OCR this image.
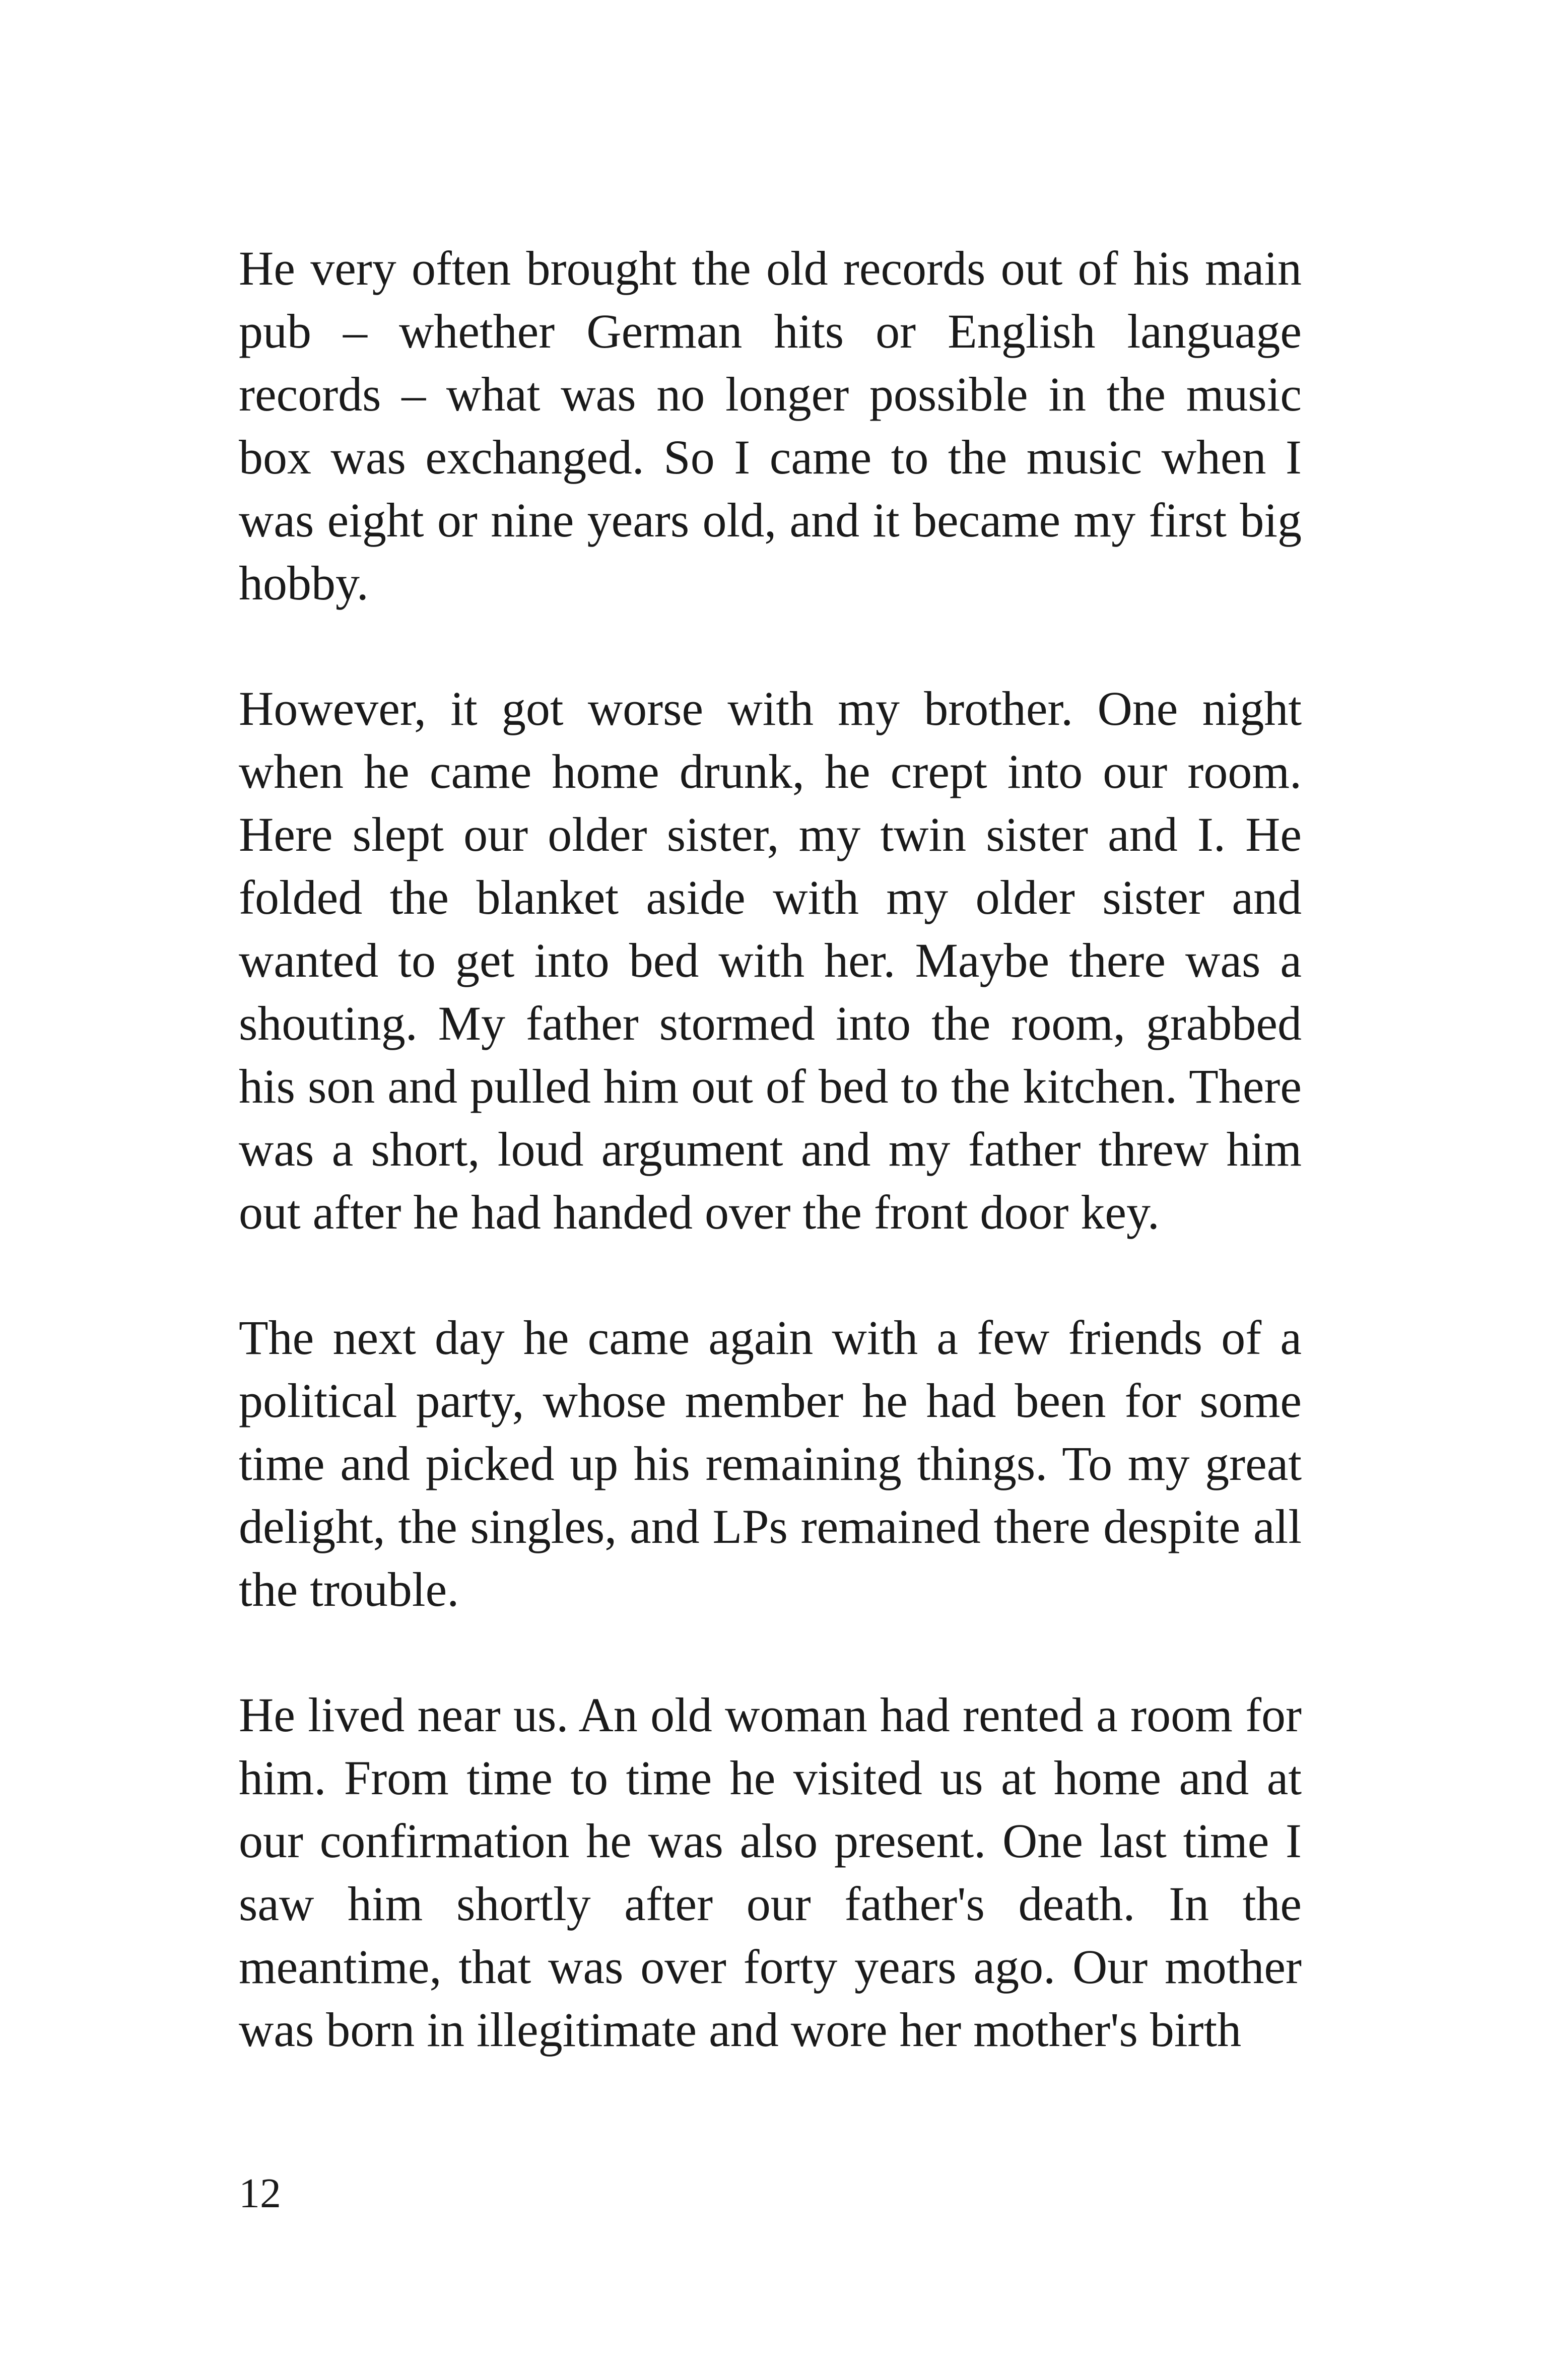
He very often brought the old records out of his main pub – whether German hits or English language records – what was no longer possible in the music box was exchanged. So I came to the music when I was eight or nine years old, and it became my first big hobby.

However, it got worse with my brother. One night when he came home drunk, he crept into our room. Here slept our older sister, my twin sister and I. He folded the blanket aside with my older sister and wanted to get into bed with her. Maybe there was a shouting. My father stormed into the room, grabbed his son and pulled him out of bed to the kitchen. There was a short, loud argument and my father threw him out after he had handed over the front door key.

The next day he came again with a few friends of a political party, whose member he had been for some time and picked up his remaining things. To my great delight, the singles, and LPs remained there despite all the trouble.

He lived near us. An old woman had rented a room for him. From time to time he visited us at home and at our confirmation he was also present. One last time I saw him shortly after our father's death. In the meantime, that was over forty years ago. Our mother was born in illegitimate and wore her mother's birth

12
